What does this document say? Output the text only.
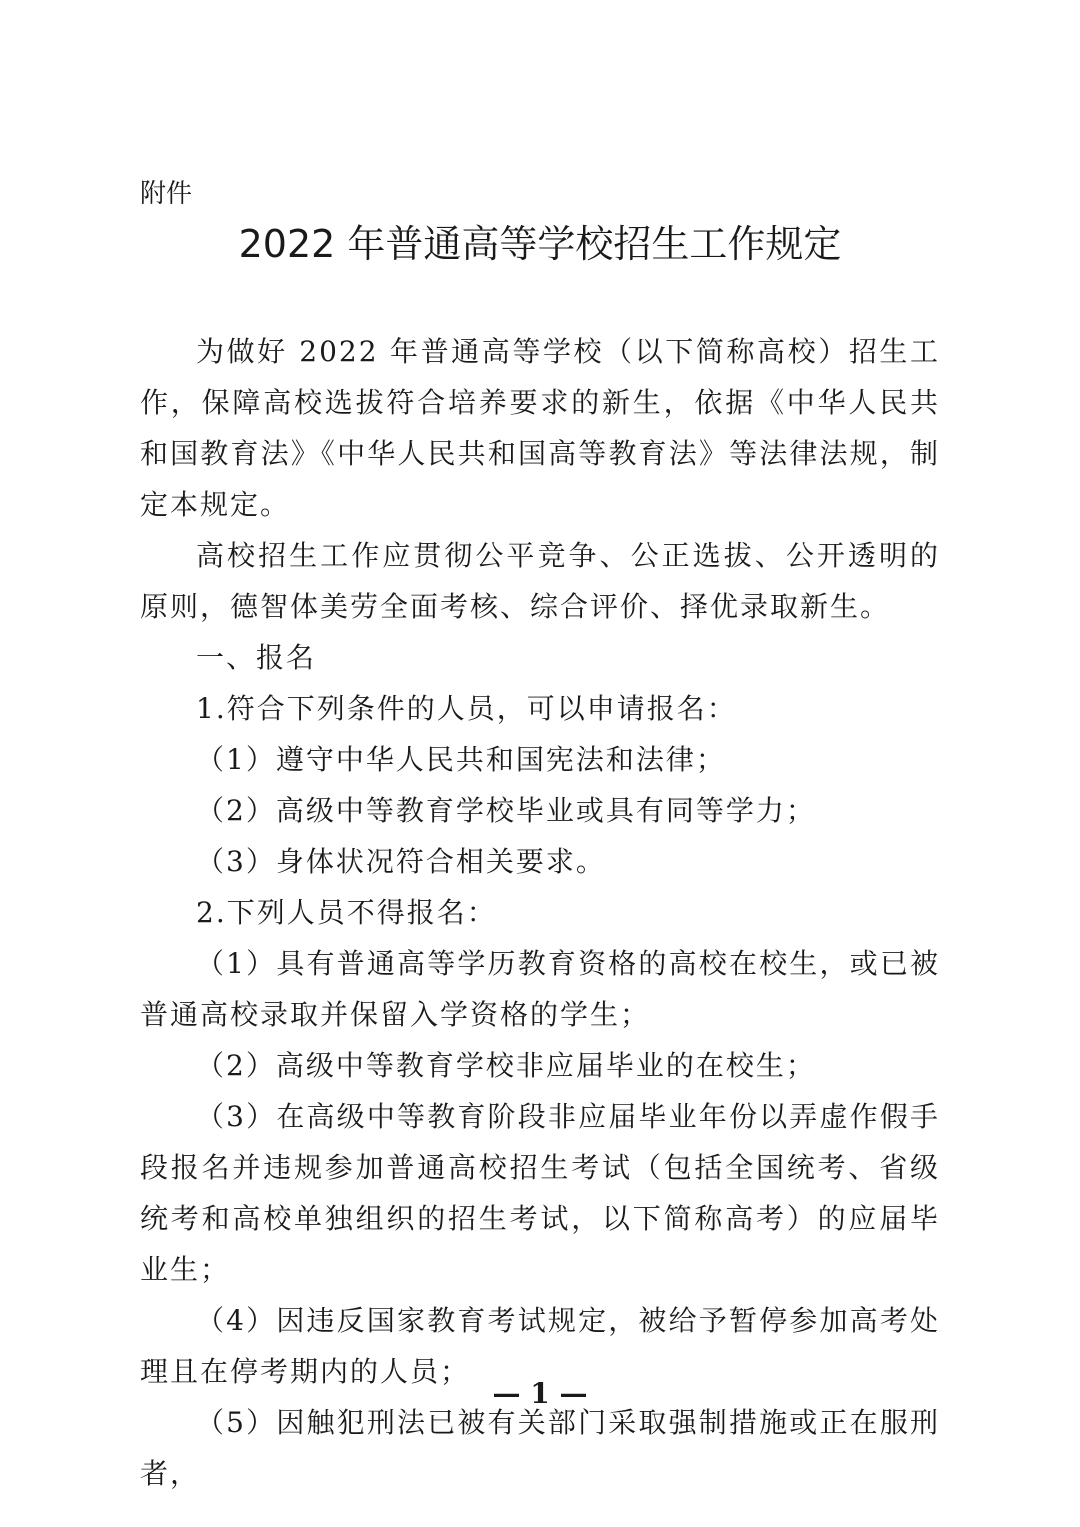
附件

2022 年普通高等学校招生工作规定

为做好 2022 年普通高等学校（以下简称高校）招生工作，保障高校选拔符合培养要求的新生，依据《中华人民共和国教育法》《中华人民共和国高等教育法》等法律法规，制定本规定。

高校招生工作应贯彻公平竞争、公正选拔、公开透明的原则，德智体美劳全面考核、综合评价、择优录取新生。

一、报名

1.符合下列条件的人员，可以申请报名：

（1）遵守中华人民共和国宪法和法律；

（2）高级中等教育学校毕业或具有同等学力；

（3）身体状况符合相关要求。

2.下列人员不得报名：

（1）具有普通高等学历教育资格的高校在校生，或已被普通高校录取并保留入学资格的学生；

（2）高级中等教育学校非应届毕业的在校生；

（3）在高级中等教育阶段非应届毕业年份以弄虚作假手段报名并违规参加普通高校招生考试（包括全国统考、省级统考和高校单独组织的招生考试，以下简称高考）的应届毕业生；

（4）因违反国家教育考试规定，被给予暂停参加高考处理且在停考期内的人员；

（5）因触犯刑法已被有关部门采取强制措施或正在服刑者，

— 1 —
